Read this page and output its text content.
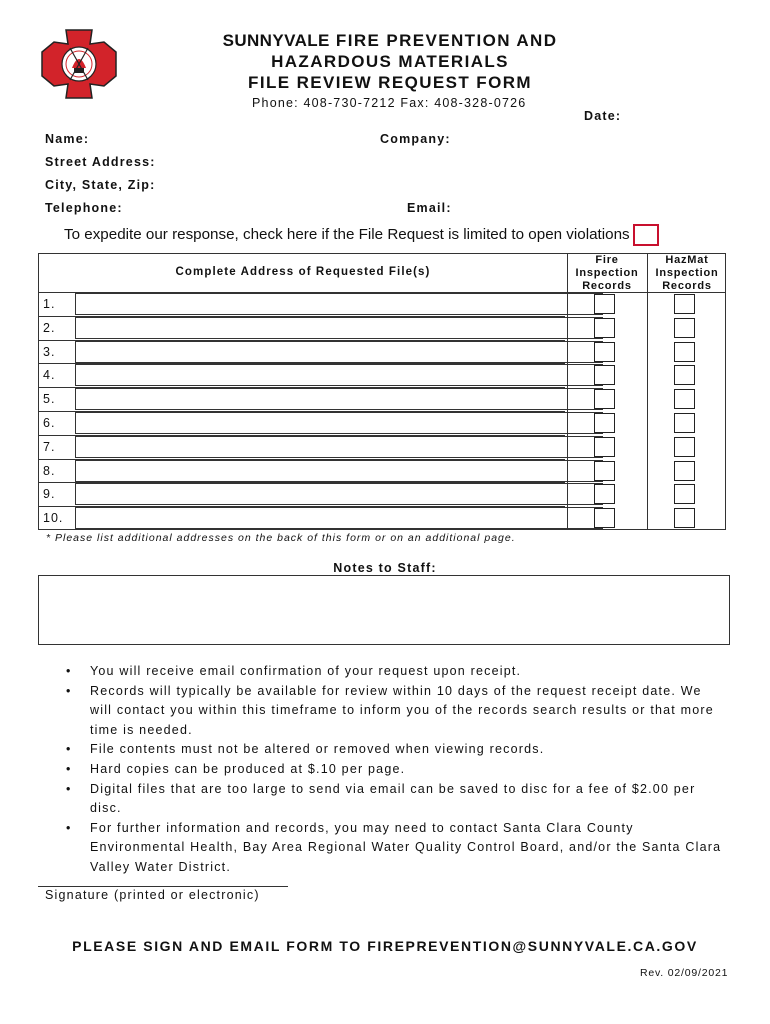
SUNNYVALE FIRE PREVENTION AND
HAZARDOUS MATERIALS
FILE REVIEW REQUEST FORM
Phone: 408-730-7212 Fax: 408-328-0726
Date:
Name:	Company:
Street Address:
City, State, Zip:
Telephone:	Email:
To expedite our response, check here if the File Request is limited to open violations
Complete Address of Requested File(s)
Fire
Inspection
Records
HazMat
Inspection
Records
1.
2.
3.
4.
5.
6.
7.
8.
9.
10.
* Please list additional addresses on the back of this form or on an additional page.
Notes to Staff:
• You will receive email confirmation of your request upon receipt.
• Records will typically be available for review within 10 days of the request receipt date. We will contact you within this timeframe to inform you of the records search results or that more time is needed.
• File contents must not be altered or removed when viewing records.
• Hard copies can be produced at $.10 per page.
• Digital files that are too large to send via email can be saved to disc for a fee of $2.00 per disc.
• For further information and records, you may need to contact Santa Clara County Environmental Health, Bay Area Regional Water Quality Control Board, and/or the Santa Clara Valley Water District.
Signature (printed or electronic)
PLEASE SIGN AND EMAIL FORM TO FIREPREVENTION@SUNNYVALE.CA.GOV
Rev. 02/09/2021
